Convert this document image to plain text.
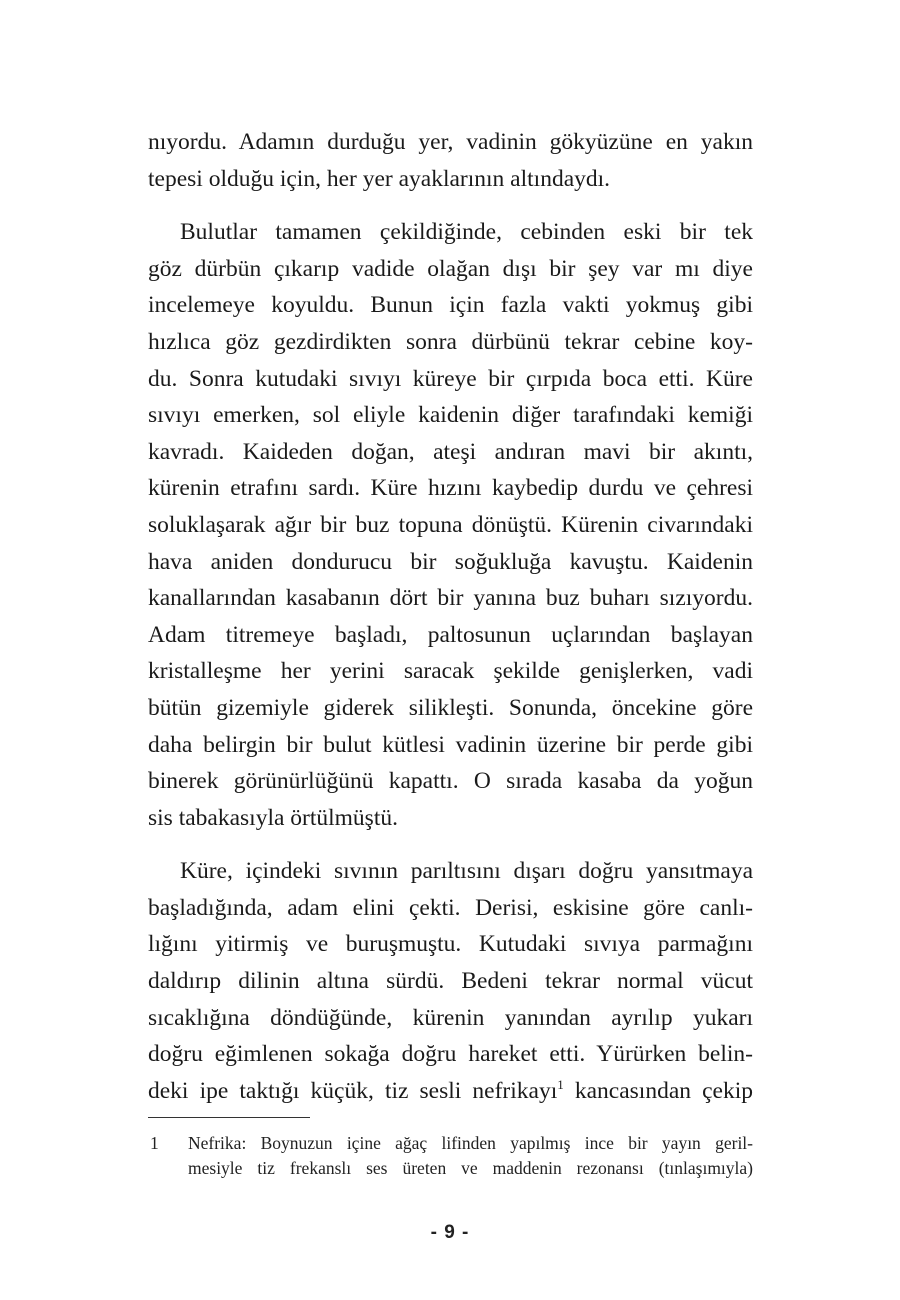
nıyordu. Adamın durduğu yer, vadinin gökyüzüne en yakın
tepesi olduğu için, her yer ayaklarının altındaydı.

Bulutlar tamamen çekildiğinde, cebinden eski bir tek
göz dürbün çıkarıp vadide olağan dışı bir şey var mı diye
incelemeye koyuldu. Bunun için fazla vakti yokmuş gibi
hızlıca göz gezdirdikten sonra dürbünü tekrar cebine koy-
du. Sonra kutudaki sıvıyı küreye bir çırpıda boca etti. Küre
sıvıyı emerken, sol eliyle kaidenin diğer tarafındaki kemiği
kavradı. Kaideden doğan, ateşi andıran mavi bir akıntı,
kürenin etrafını sardı. Küre hızını kaybedip durdu ve çehresi
soluklaşarak ağır bir buz topuna dönüştü. Kürenin civarındaki
hava aniden dondurucu bir soğukluğa kavuştu. Kaidenin
kanallarından kasabanın dört bir yanına buz buharı sızıyordu.
Adam titremeye başladı, paltosunun uçlarından başlayan
kristalleşme her yerini saracak şekilde genişlerken, vadi
bütün gizemiyle giderek silikleşti. Sonunda, öncekine göre
daha belirgin bir bulut kütlesi vadinin üzerine bir perde gibi
binerek görünürlüğünü kapattı. O sırada kasaba da yoğun
sis tabakasıyla örtülmüştü.

Küre, içindeki sıvının parıltısını dışarı doğru yansıtmaya
başladığında, adam elini çekti. Derisi, eskisine göre canlı-
lığını yitirmiş ve buruşmuştu. Kutudaki sıvıya parmağını
daldırıp dilinin altına sürdü. Bedeni tekrar normal vücut
sıcaklığına döndüğünde, kürenin yanından ayrılıp yukarı
doğru eğimlenen sokağa doğru hareket etti. Yürürken belin-
deki ipe taktığı küçük, tiz sesli nefrikayı$^1$ kancasından çekip

1 Nefrika: Boynuzun içine ağaç lifinden yapılmış ince bir yayın geril-
mesiyle tiz frekanslı ses üreten ve maddenin rezonansı (tınlaşımıyla)
- 9 -
